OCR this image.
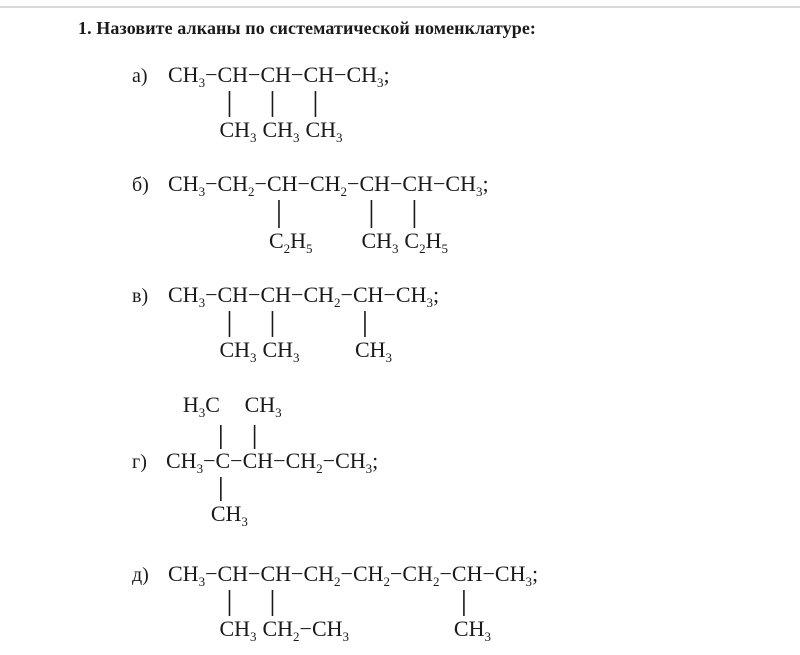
1. Назовите алканы по систематической номенклатуре:
а) $CH_3-CH-CH-CH-CH_3$;
$CH_3$ $CH_3$ $CH_3$
б) $CH_3-CH_2-CH-CH_2-CH-CH-CH_3$;
$C_2H_5$ $CH_3$ $C_2H_5$
в) $CH_3-CH-CH-CH_2-CH-CH_3$;
$CH_3$ $CH_3$	$CH_3$
г) $CH_3-C-CH-CH_2-CH_3$;
$CH_3$
$H_3C$ $CH_3$
д) $CH_3-CH-CH-CH_2-CH_2-CH_2-CH-CH_3$;
$CH_3$ $CH_2-CH_3$	$CH_3$
